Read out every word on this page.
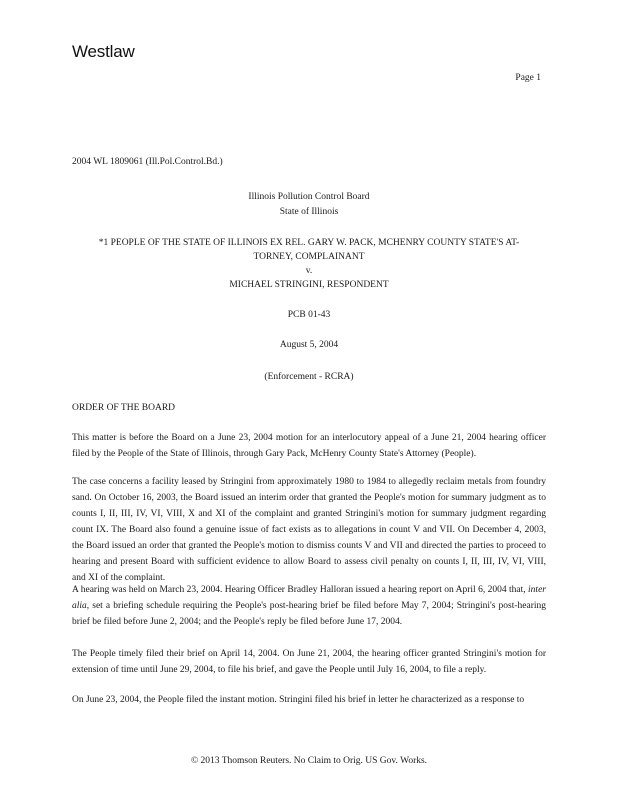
Westlaw
Page 1
2004 WL 1809061 (Ill.Pol.Control.Bd.)
Illinois Pollution Control Board
State of Illinois
*1 PEOPLE OF THE STATE OF ILLINOIS EX REL. GARY W. PACK, MCHENRY COUNTY STATE'S AT-
TORNEY, COMPLAINANT
v.
MICHAEL STRINGINI, RESPONDENT
PCB 01-43
August 5, 2004
(Enforcement - RCRA)
ORDER OF THE BOARD

This matter is before the Board on a June 23, 2004 motion for an interlocutory appeal of a June 21, 2004 hearing officer filed by the People of the State of Illinois, through Gary Pack, McHenry County State's Attorney (People).

The case concerns a facility leased by Stringini from approximately 1980 to 1984 to allegedly reclaim metals from foundry sand. On October 16, 2003, the Board issued an interim order that granted the People's motion for summary judgment as to counts I, II, III, IV, VI, VIII, X and XI of the complaint and granted Stringini's motion for summary judgment regarding count IX. The Board also found a genuine issue of fact exists as to allegations in count V and VII. On December 4, 2003, the Board issued an order that granted the People's motion to dismiss counts V and VII and directed the parties to proceed to hearing and present Board with sufficient evidence to allow Board to assess civil penalty on counts I, II, III, IV, VI, VIII, and XI of the complaint.

A hearing was held on March 23, 2004. Hearing Officer Bradley Halloran issued a hearing report on April 6, 2004 that, inter alia, set a briefing schedule requiring the People's post-hearing brief be filed before May 7, 2004; Stringini's post-hearing brief be filed before June 2, 2004; and the People's reply be filed before June 17, 2004.

The People timely filed their brief on April 14, 2004. On June 21, 2004, the hearing officer granted Stringini's motion for extension of time until June 29, 2004, to file his brief, and gave the People until July 16, 2004, to file a reply.

On June 23, 2004, the People filed the instant motion. Stringini filed his brief in letter he characterized as a response to

© 2013 Thomson Reuters. No Claim to Orig. US Gov. Works.
